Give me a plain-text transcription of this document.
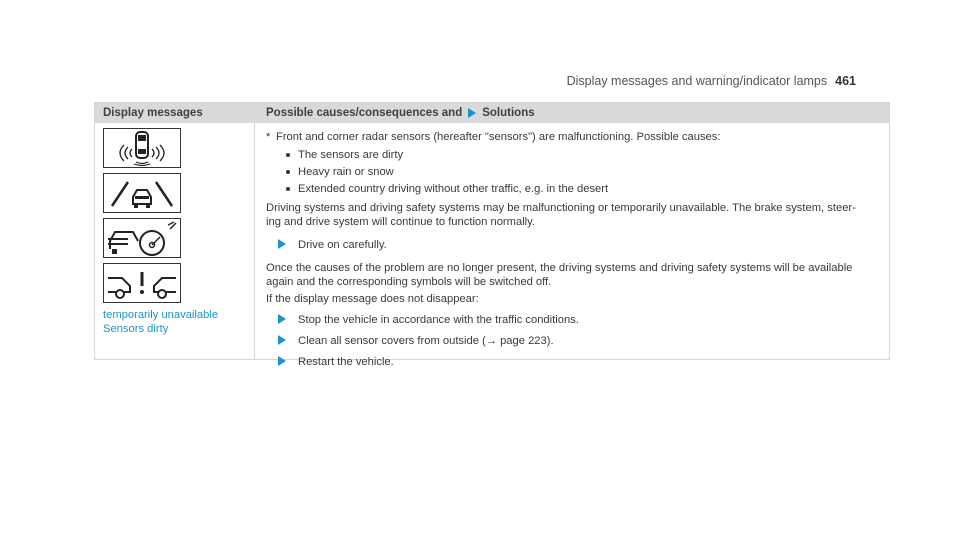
Display messages and warning/indicator lamps 461
Display messages	Possible causes/consequences and Solutions
temporarily unavailable
Sensors dirty
* Front and corner radar sensors (hereafter "sensors") are malfunctioning. Possible causes:
The sensors are dirty
Heavy rain or snow
Extended country driving without other traffic, e.g. in the desert
Driving systems and driving safety systems may be malfunctioning or temporarily unavailable. The brake system, steer-
ing and drive system will continue to function normally.
Drive on carefully.
Once the causes of the problem are no longer present, the driving systems and driving safety systems will be available
again and the corresponding symbols will be switched off.
If the display message does not disappear:
Stop the vehicle in accordance with the traffic conditions.
Clean all sensor covers from outside (→ page 223).
Restart the vehicle.
